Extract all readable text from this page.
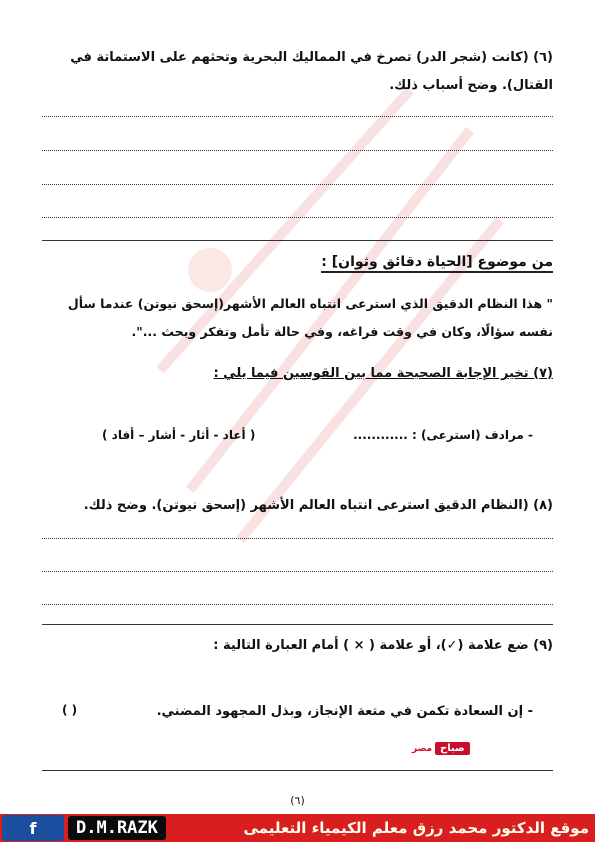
(٦) (كانت (شجر الدر) تصرخ في المماليك البحرية وتحثهم على الاستماتة في القتال). وضح أسباب ذلك.
من موضوع [الحياة دقائق وثوان] :
" هذا النظام الدقيق الذي استرعى انتباه العالم الأشهر(إسحق نيوتن) عندما سأل نفسه سؤالًا، وكان في وقت فراغه، وفي حالة تأمل وتفكر وبحث ...".
(٧) تخير الإجابة الصحيحة مما بين القوسين فيما يلي :
- مرادف (استرعى) : ............
( أعاد - أثار - أشار – أفاد )
(٨) (النظام الدقيق استرعى انتباه العالم الأشهر (إسحق نيوتن). وضح ذلك.
(٩) ضع علامة (✓)، أو علامة ( × ) أمام العبارة التالية :
- إن السعادة تكمن في متعة الإنجاز، وبذل المجهود المضني.
( )
صباح
مصر
(٦)
f	D.M.RAZK	موقع الدكتور محمد رزق معلم الكيمياء التعليمى
